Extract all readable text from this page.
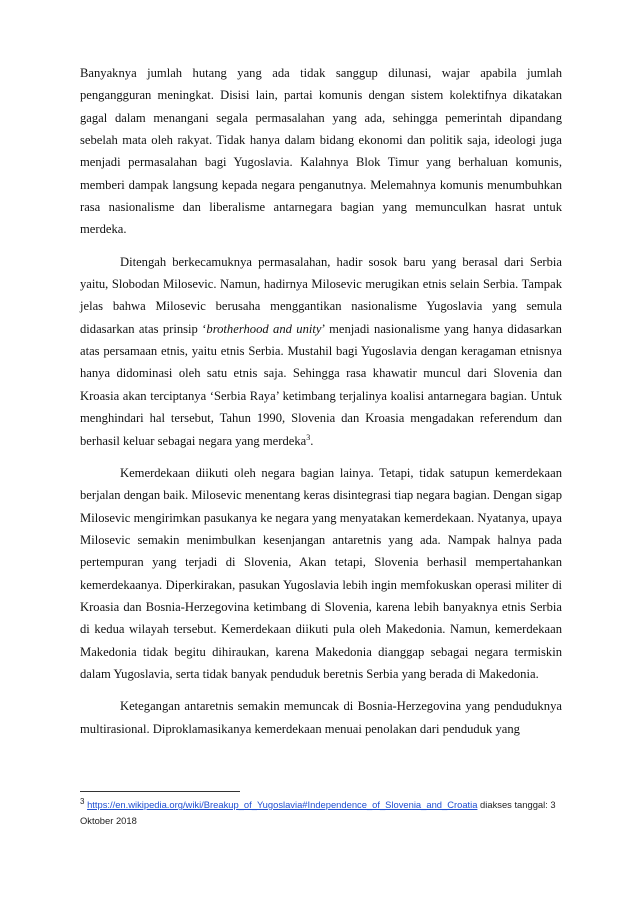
Banyaknya jumlah hutang yang ada tidak sanggup dilunasi, wajar apabila jumlah pengangguran meningkat. Disisi lain, partai komunis dengan sistem kolektifnya dikatakan gagal dalam menangani segala permasalahan yang ada, sehingga pemerintah dipandang sebelah mata oleh rakyat. Tidak hanya dalam bidang ekonomi dan politik saja, ideologi juga menjadi permasalahan bagi Yugoslavia. Kalahnya Blok Timur yang berhaluan komunis, memberi dampak langsung kepada negara penganutnya. Melemahnya komunis menumbuhkan rasa nasionalisme dan liberalisme antarnegara bagian yang memunculkan hasrat untuk merdeka.

Ditengah berkecamuknya permasalahan, hadir sosok baru yang berasal dari Serbia yaitu, Slobodan Milosevic. Namun, hadirnya Milosevic merugikan etnis selain Serbia. Tampak jelas bahwa Milosevic berusaha menggantikan nasionalisme Yugoslavia yang semula didasarkan atas prinsip ‘brotherhood and unity’ menjadi nasionalisme yang hanya didasarkan atas persamaan etnis, yaitu etnis Serbia. Mustahil bagi Yugoslavia dengan keragaman etnisnya hanya didominasi oleh satu etnis saja. Sehingga rasa khawatir muncul dari Slovenia dan Kroasia akan terciptanya ‘Serbia Raya’ ketimbang terjalinya koalisi antarnegara bagian. Untuk menghindari hal tersebut, Tahun 1990, Slovenia dan Kroasia mengadakan referendum dan berhasil keluar sebagai negara yang merdeka$^3$.

Kemerdekaan diikuti oleh negara bagian lainya. Tetapi, tidak satupun kemerdekaan berjalan dengan baik. Milosevic menentang keras disintegrasi tiap negara bagian. Dengan sigap Milosevic mengirimkan pasukanya ke negara yang menyatakan kemerdekaan. Nyatanya, upaya Milosevic semakin menimbulkan kesenjangan antaretnis yang ada. Nampak halnya pada pertempuran yang terjadi di Slovenia, Akan tetapi, Slovenia berhasil mempertahankan kemerdekaanya. Diperkirakan, pasukan Yugoslavia lebih ingin memfokuskan operasi militer di Kroasia dan Bosnia-Herzegovina ketimbang di Slovenia, karena lebih banyaknya etnis Serbia di kedua wilayah tersebut. Kemerdekaan diikuti pula oleh Makedonia. Namun, kemerdekaan Makedonia tidak begitu dihiraukan, karena Makedonia dianggap sebagai negara termiskin dalam Yugoslavia, serta tidak banyak penduduk beretnis Serbia yang berada di Makedonia.

Ketegangan antaretnis semakin memuncak di Bosnia-Herzegovina yang penduduknya multirasional. Diproklamasikanya kemerdekaan menuai penolakan dari penduduk yang

$^3$ https://en.wikipedia.org/wiki/Breakup_of_Yugoslavia#Independence_of_Slovenia_and_Croatia diakses tanggal: 3 Oktober 2018
